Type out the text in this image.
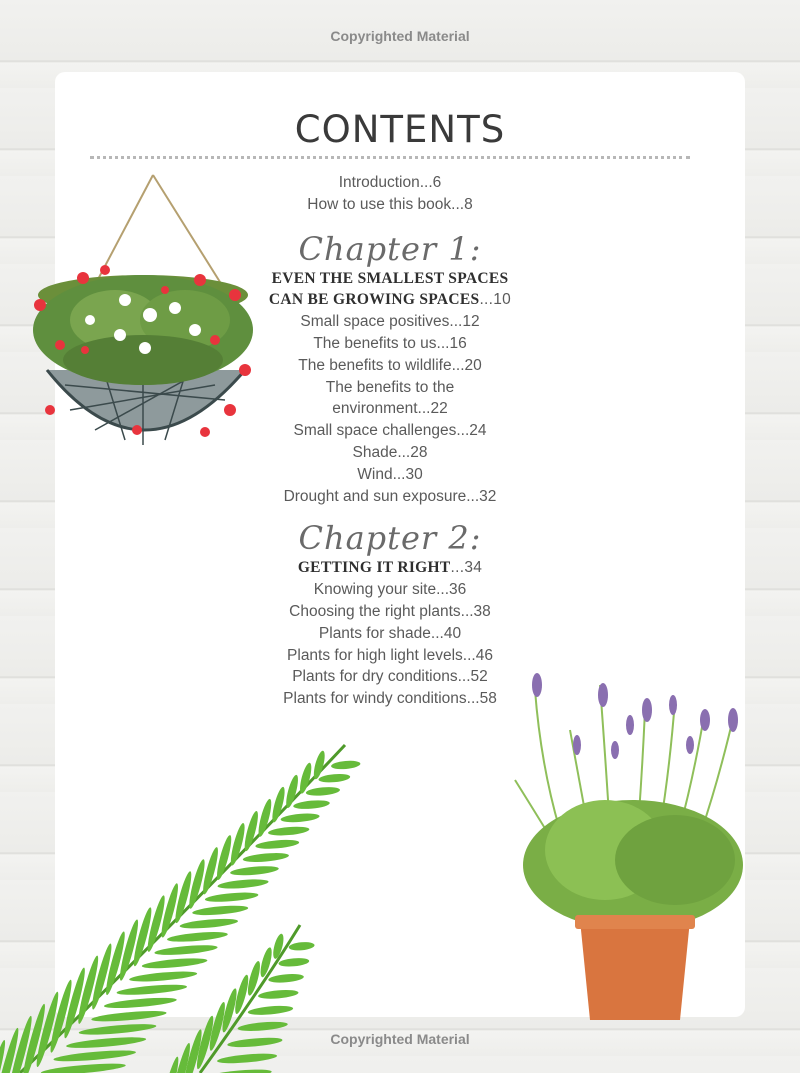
Copyrighted Material
CONTENTS
Introduction...6
How to use this book...8
Chapter 1:
EVEN THE SMALLEST SPACES
CAN BE GROWING SPACES...10
Small space positives...12
The benefits to us...16
The benefits to wildlife...20
The benefits to the
environment...22
Small space challenges...24
Shade...28
Wind...30
Drought and sun exposure...32
Chapter 2:
GETTING IT RIGHT...34
Knowing your site...36
Choosing the right plants...38
Plants for shade...40
Plants for high light levels...46
Plants for dry conditions...52
Plants for windy conditions...58
Copyrighted Material
